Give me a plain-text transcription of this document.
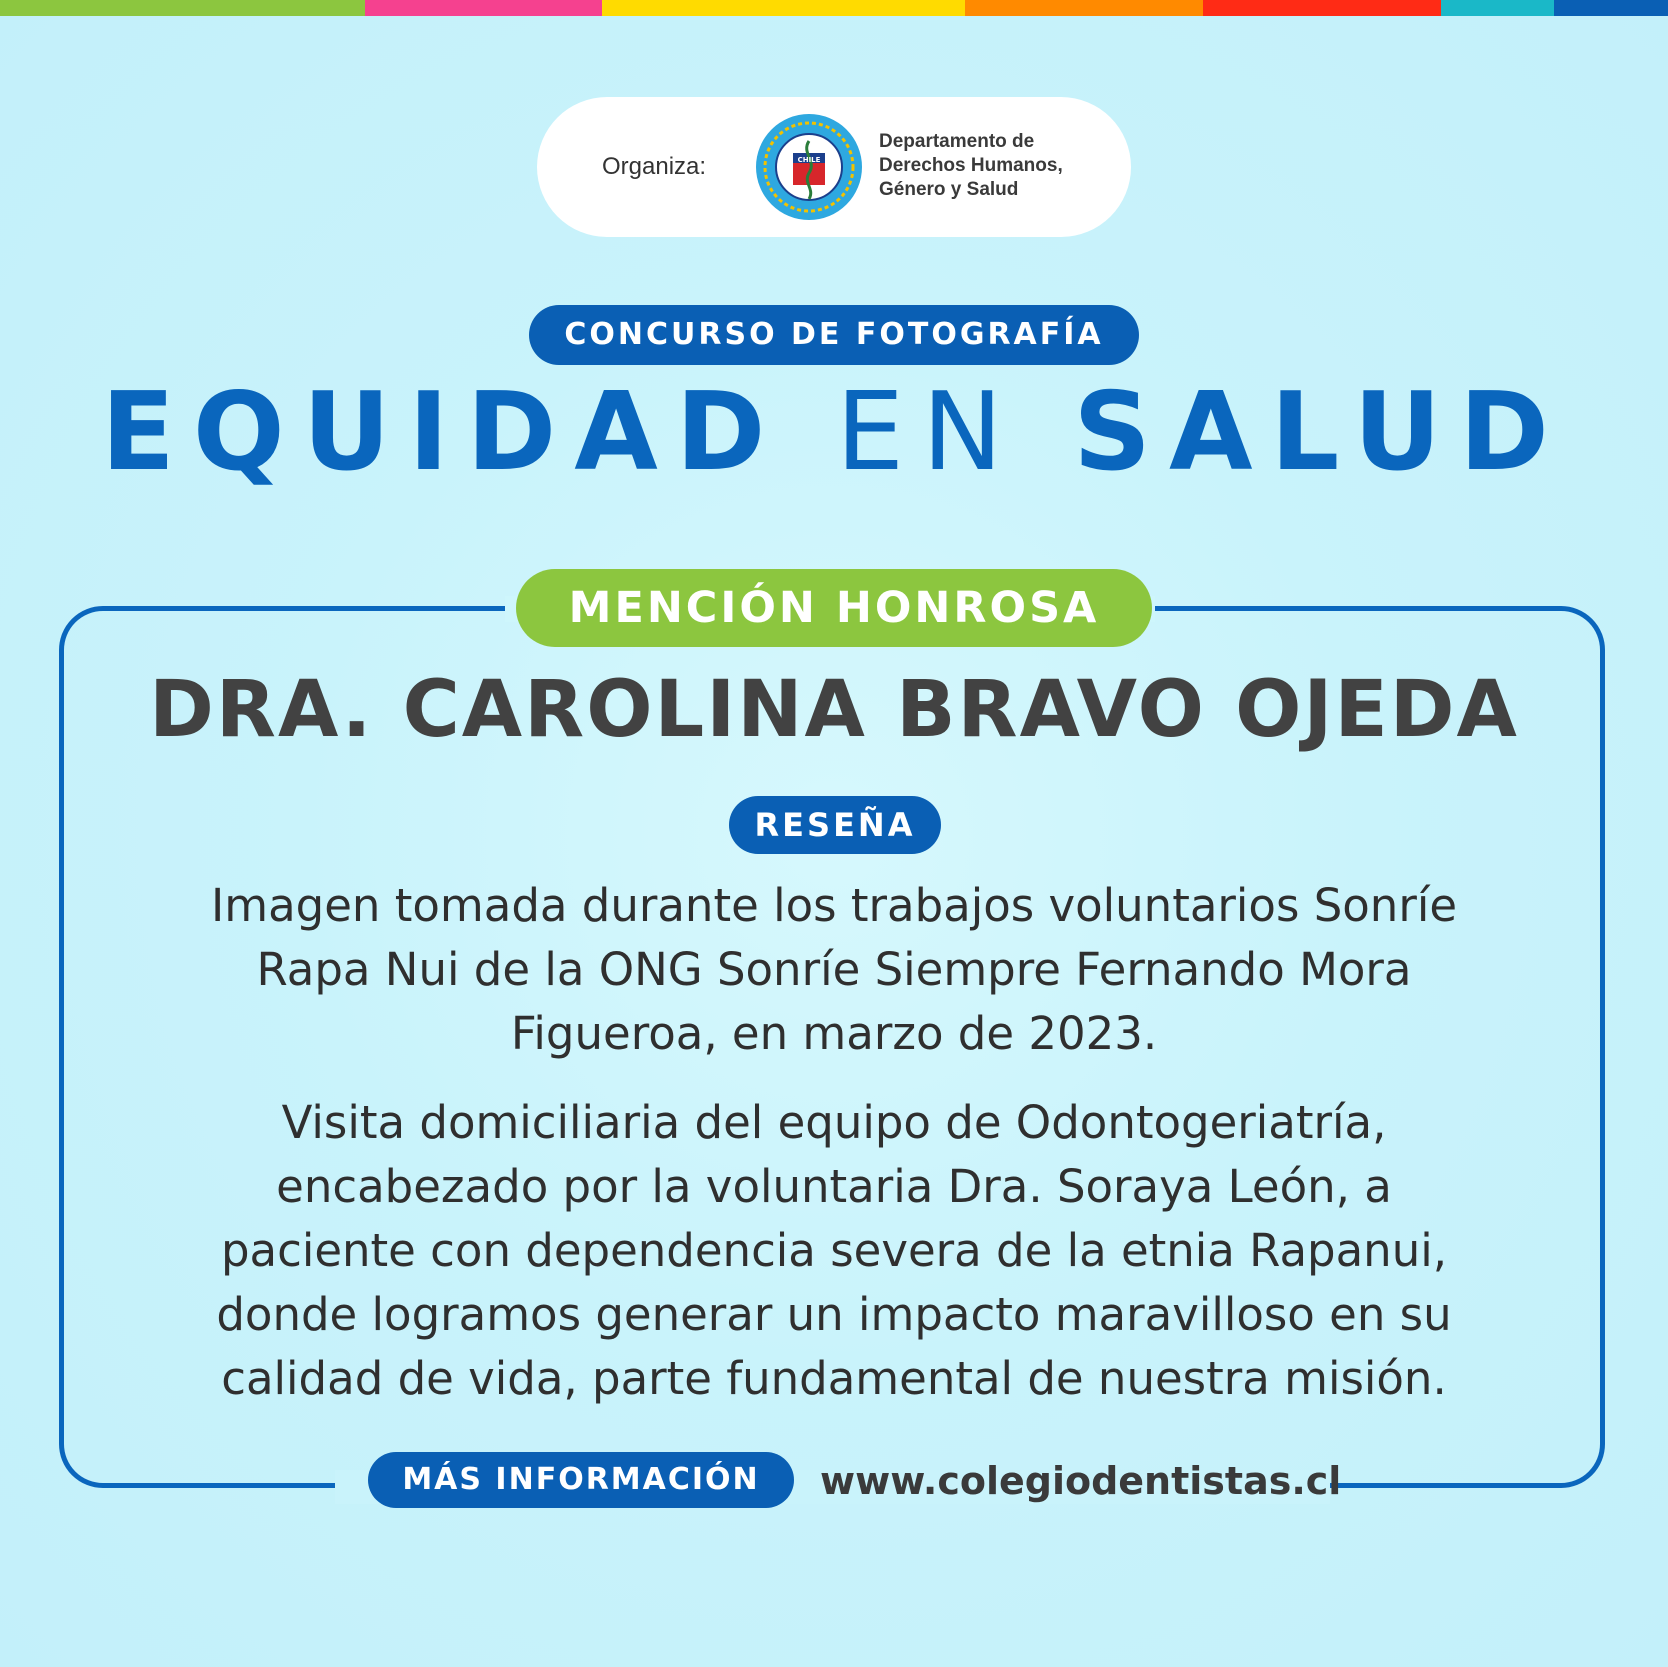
Organiza:	CHILE
Departamento de
Derechos Humanos,
Género y Salud
CONCURSO DE FOTOGRAFÍA
EQUIDAD EN SALUD
MENCIÓN HONROSA
DRA. CAROLINA BRAVO OJEDA
RESEÑA
Imagen tomada durante los trabajos voluntarios Sonríe
Rapa Nui de la ONG Sonríe Siempre Fernando Mora
Figueroa, en marzo de 2023.
Visita domiciliaria del equipo de Odontogeriatría,
encabezado por la voluntaria Dra. Soraya León, a
paciente con dependencia severa de la etnia Rapanui,
donde logramos generar un impacto maravilloso en su
calidad de vida, parte fundamental de nuestra misión.
MÁS INFORMACIÓN	www.colegiodentistas.cl
